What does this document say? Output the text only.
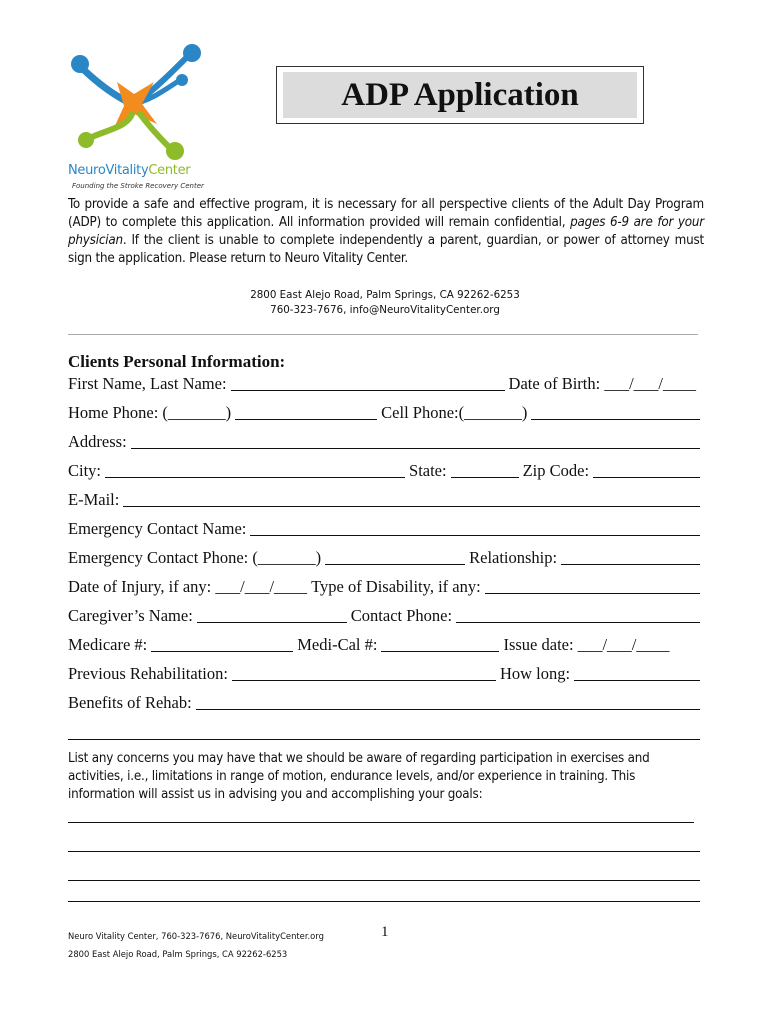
NeuroVitalityCenter
Founding the Stroke Recovery Center
ADP Application
To provide a safe and effective program, it is necessary for all perspective clients of the Adult Day Program (ADP) to complete this application. All information provided will remain confidential, pages 6-9 are for your physician. If the client is unable to complete independently a parent, guardian, or power of attorney must sign the application. Please return to Neuro Vitality Center.
2800 East Alejo Road, Palm Springs, CA 92262-6253
760-323-7676, info@NeuroVitalityCenter.org
Clients Personal Information:
First Name, Last Name:	Date of Birth: ___/___/____
Home Phone: (_______)	Cell Phone:(_______)
Address:
City:	State:	Zip Code:
E-Mail:
Emergency Contact Name:
Emergency Contact Phone: (_______)	Relationship:
Date of Injury, if any: ___/___/____ Type of Disability, if any:
Caregiver’s Name:	Contact Phone:
Medicare #:	Medi-Cal #:	Issue date: ___/___/____
Previous Rehabilitation:	How long:
Benefits of Rehab:
List any concerns you may have that we should be aware of regarding participation in exercises and activities, i.e., limitations in range of motion, endurance levels, and/or experience in training. This information will assist us in advising you and accomplishing your goals:
Neuro Vitality Center, 760-323-7676, NeuroVitalityCenter.org
2800 East Alejo Road, Palm Springs, CA 92262-6253
1
